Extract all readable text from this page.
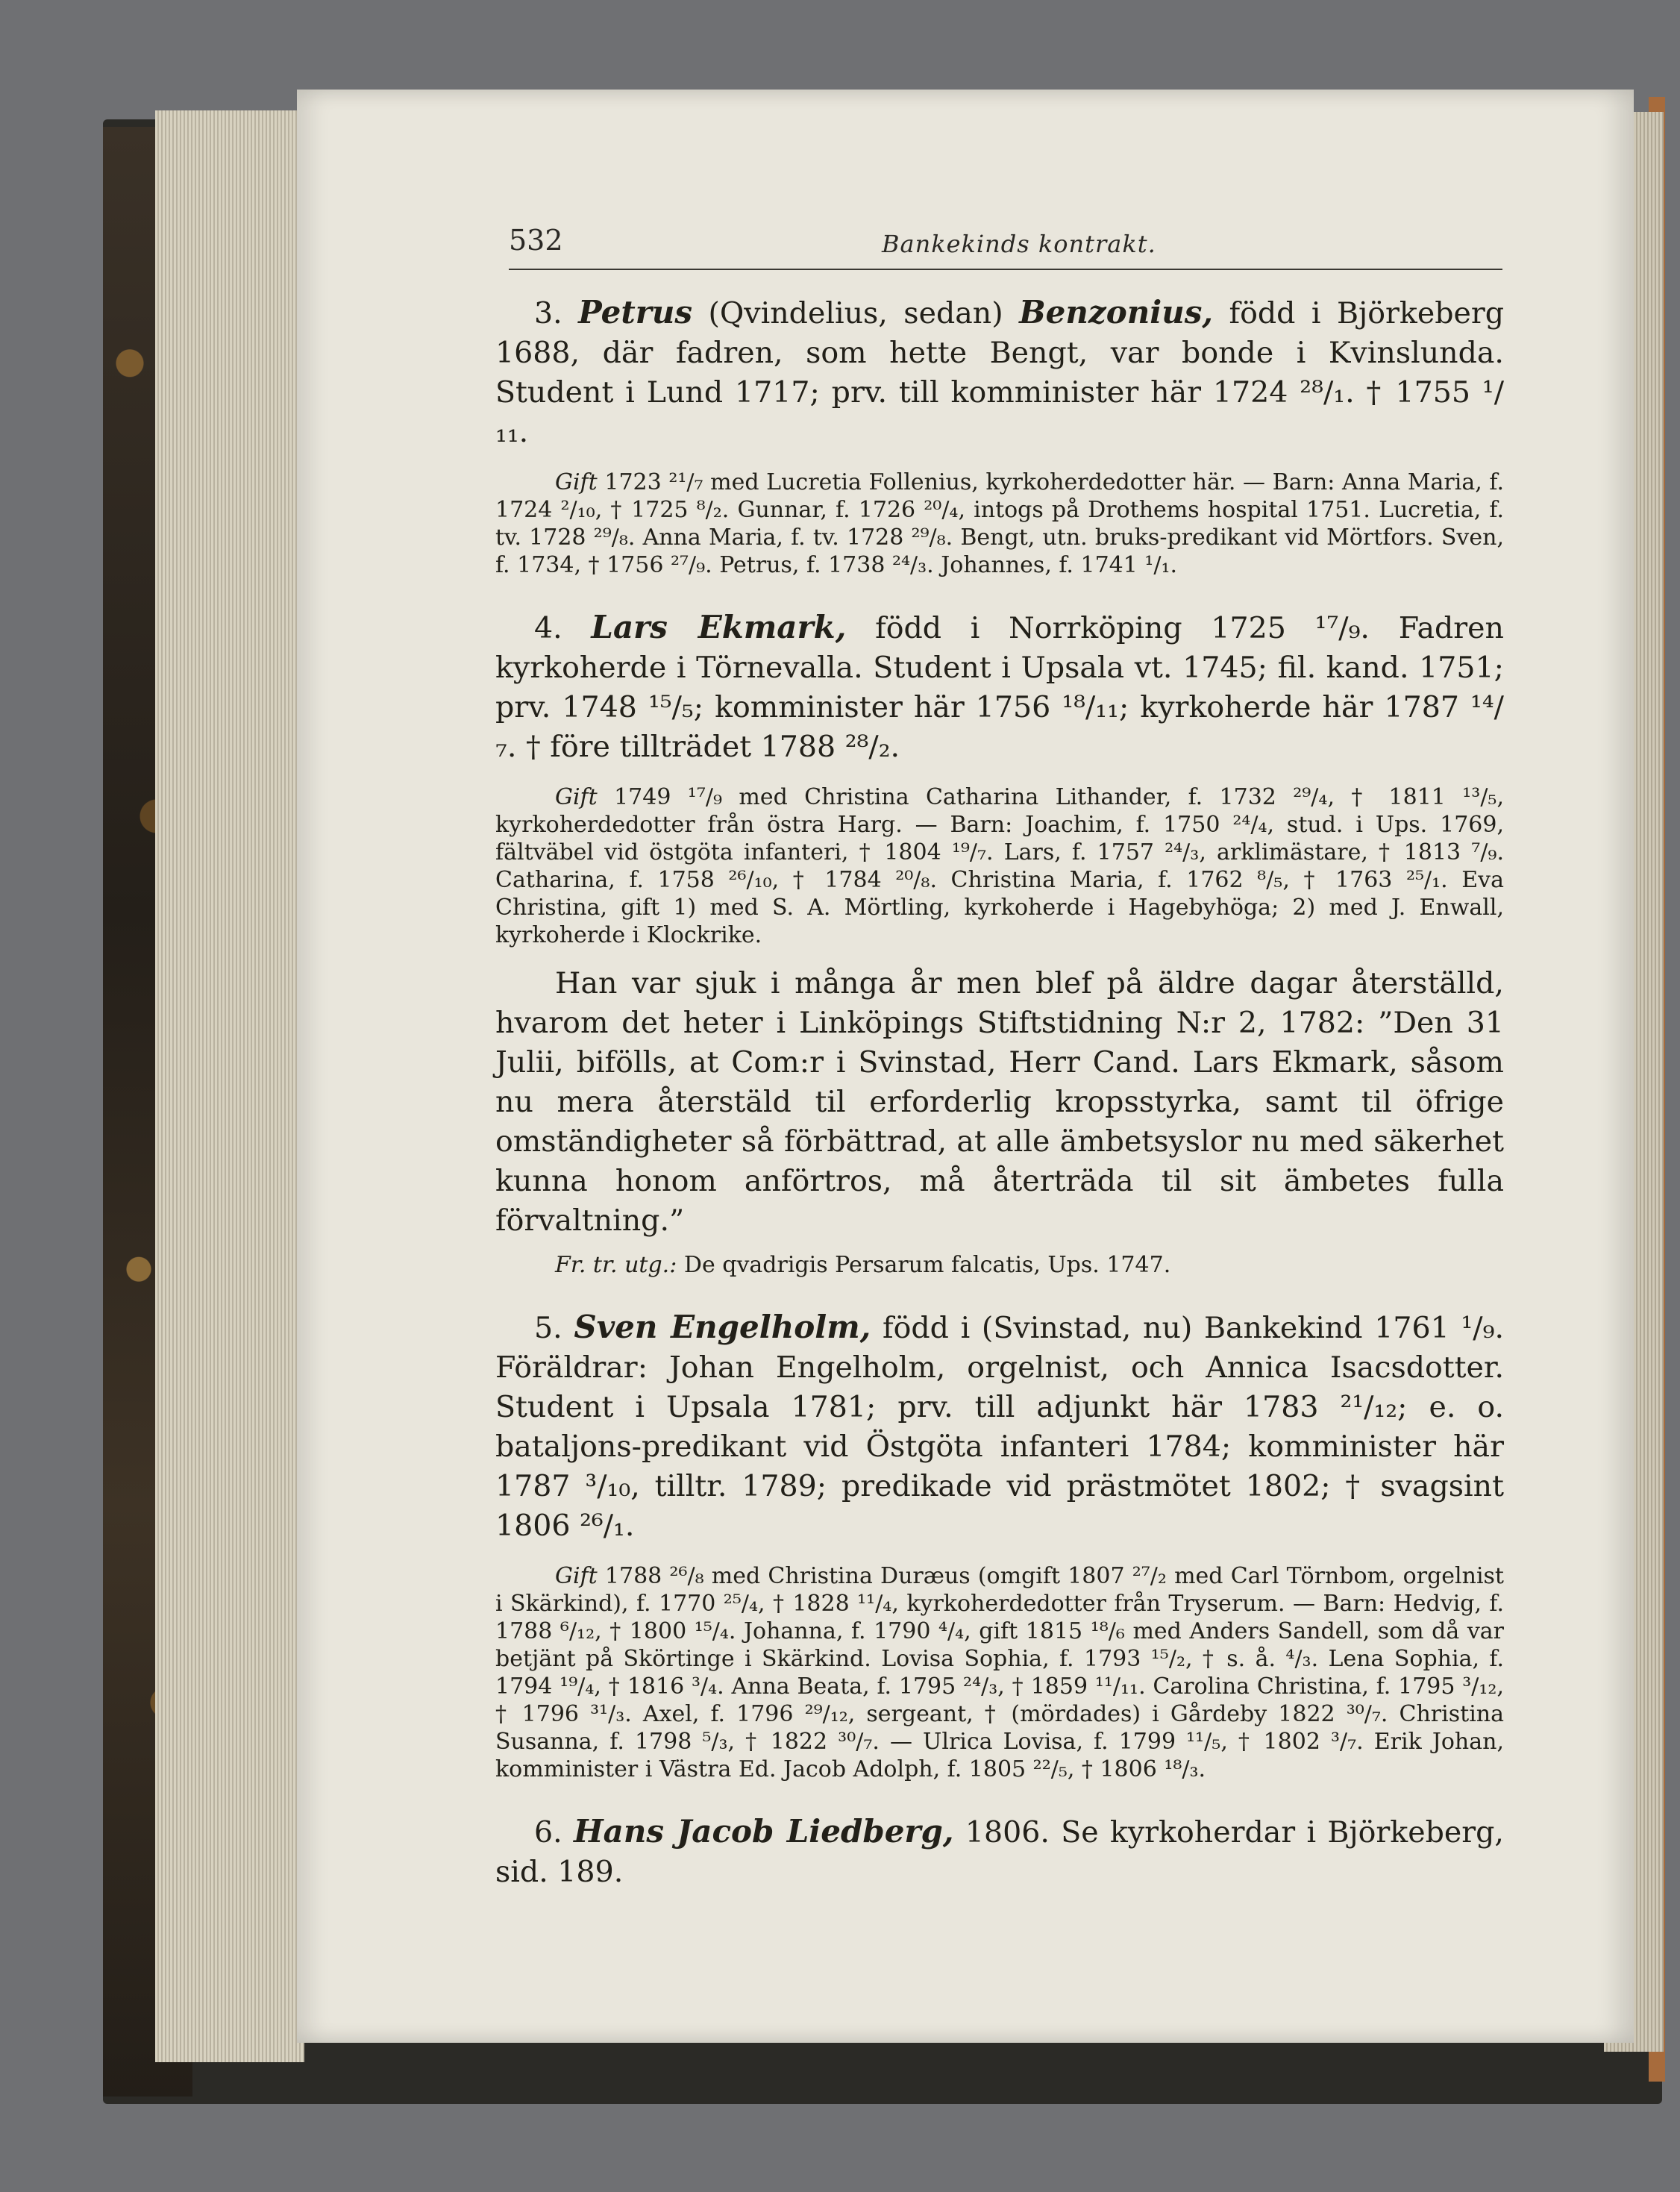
532	Bankekinds kontrakt.

3. Petrus (Qvindelius, sedan) Benzonius, född i Björkeberg 1688, där fadren, som hette Bengt, var bonde i Kvinslunda. Student i Lund 1717; prv. till komminister här 1724 ²⁸/₁. † 1755 ¹/₁₁.

Gift 1723 ²¹/₇ med Lucretia Follenius, kyrkoherdedotter här. — Barn: Anna Maria, f. 1724 ²/₁₀, † 1725 ⁸/₂. Gunnar, f. 1726 ²⁰/₄, intogs på Drothems hospital 1751. Lucretia, f. tv. 1728 ²⁹/₈. Anna Maria, f. tv. 1728 ²⁹/₈. Bengt, utn. bruks-predikant vid Mörtfors. Sven, f. 1734, † 1756 ²⁷/₉. Petrus, f. 1738 ²⁴/₃. Johannes, f. 1741 ¹/₁.

4. Lars Ekmark, född i Norrköping 1725 ¹⁷/₉. Fadren kyrkoherde i Törnevalla. Student i Upsala vt. 1745; fil. kand. 1751; prv. 1748 ¹⁵/₅; komminister här 1756 ¹⁸/₁₁; kyrkoherde här 1787 ¹⁴/₇. † före tillträdet 1788 ²⁸/₂.

Gift 1749 ¹⁷/₉ med Christina Catharina Lithander, f. 1732 ²⁹/₄, † 1811 ¹³/₅, kyrkoherdedotter från östra Harg. — Barn: Joachim, f. 1750 ²⁴/₄, stud. i Ups. 1769, fältväbel vid östgöta infanteri, † 1804 ¹⁹/₇. Lars, f. 1757 ²⁴/₃, arklimästare, † 1813 ⁷/₉. Catharina, f. 1758 ²⁶/₁₀, † 1784 ²⁰/₈. Christina Maria, f. 1762 ⁸/₅, † 1763 ²⁵/₁. Eva Christina, gift 1) med S. A. Mörtling, kyrkoherde i Hagebyhöga; 2) med J. Enwall, kyrkoherde i Klockrike.

Han var sjuk i många år men blef på äldre dagar återställd, hvarom det heter i Linköpings Stiftstidning N:r 2, 1782: ”Den 31 Julii, bifölls, at Com:r i Svinstad, Herr Cand. Lars Ekmark, såsom nu mera återstäld til erforderlig kropsstyrka, samt til öfrige omständigheter så förbättrad, at alle ämbetsyslor nu med säkerhet kunna honom anförtros, må återträda til sit ämbetes fulla förvaltning.”

Fr. tr. utg.: De qvadrigis Persarum falcatis, Ups. 1747.

5. Sven Engelholm, född i (Svinstad, nu) Bankekind 1761 ¹/₉. Föräldrar: Johan Engelholm, orgelnist, och Annica Isacsdotter. Student i Upsala 1781; prv. till adjunkt här 1783 ²¹/₁₂; e. o. bataljons-predikant vid Östgöta infanteri 1784; komminister här 1787 ³/₁₀, tilltr. 1789; predikade vid prästmötet 1802; † svagsint 1806 ²⁶/₁.

Gift 1788 ²⁶/₈ med Christina Duræus (omgift 1807 ²⁷/₂ med Carl Törnbom, orgelnist i Skärkind), f. 1770 ²⁵/₄, † 1828 ¹¹/₄, kyrkoherdedotter från Tryserum. — Barn: Hedvig, f. 1788 ⁶/₁₂, † 1800 ¹⁵/₄. Johanna, f. 1790 ⁴/₄, gift 1815 ¹⁸/₆ med Anders Sandell, som då var betjänt på Skörtinge i Skärkind. Lovisa Sophia, f. 1793 ¹⁵/₂, † s. å. ⁴/₃. Lena Sophia, f. 1794 ¹⁹/₄, † 1816 ³/₄. Anna Beata, f. 1795 ²⁴/₃, † 1859 ¹¹/₁₁. Carolina Christina, f. 1795 ³/₁₂, † 1796 ³¹/₃. Axel, f. 1796 ²⁹/₁₂, sergeant, † (mördades) i Gårdeby 1822 ³⁰/₇. Christina Susanna, f. 1798 ⁵/₃, † 1822 ³⁰/₇. — Ulrica Lovisa, f. 1799 ¹¹/₅, † 1802 ³/₇. Erik Johan, komminister i Västra Ed. Jacob Adolph, f. 1805 ²²/₅, † 1806 ¹⁸/₃.

6. Hans Jacob Liedberg, 1806. Se kyrkoherdar i Björkeberg, sid. 189.
